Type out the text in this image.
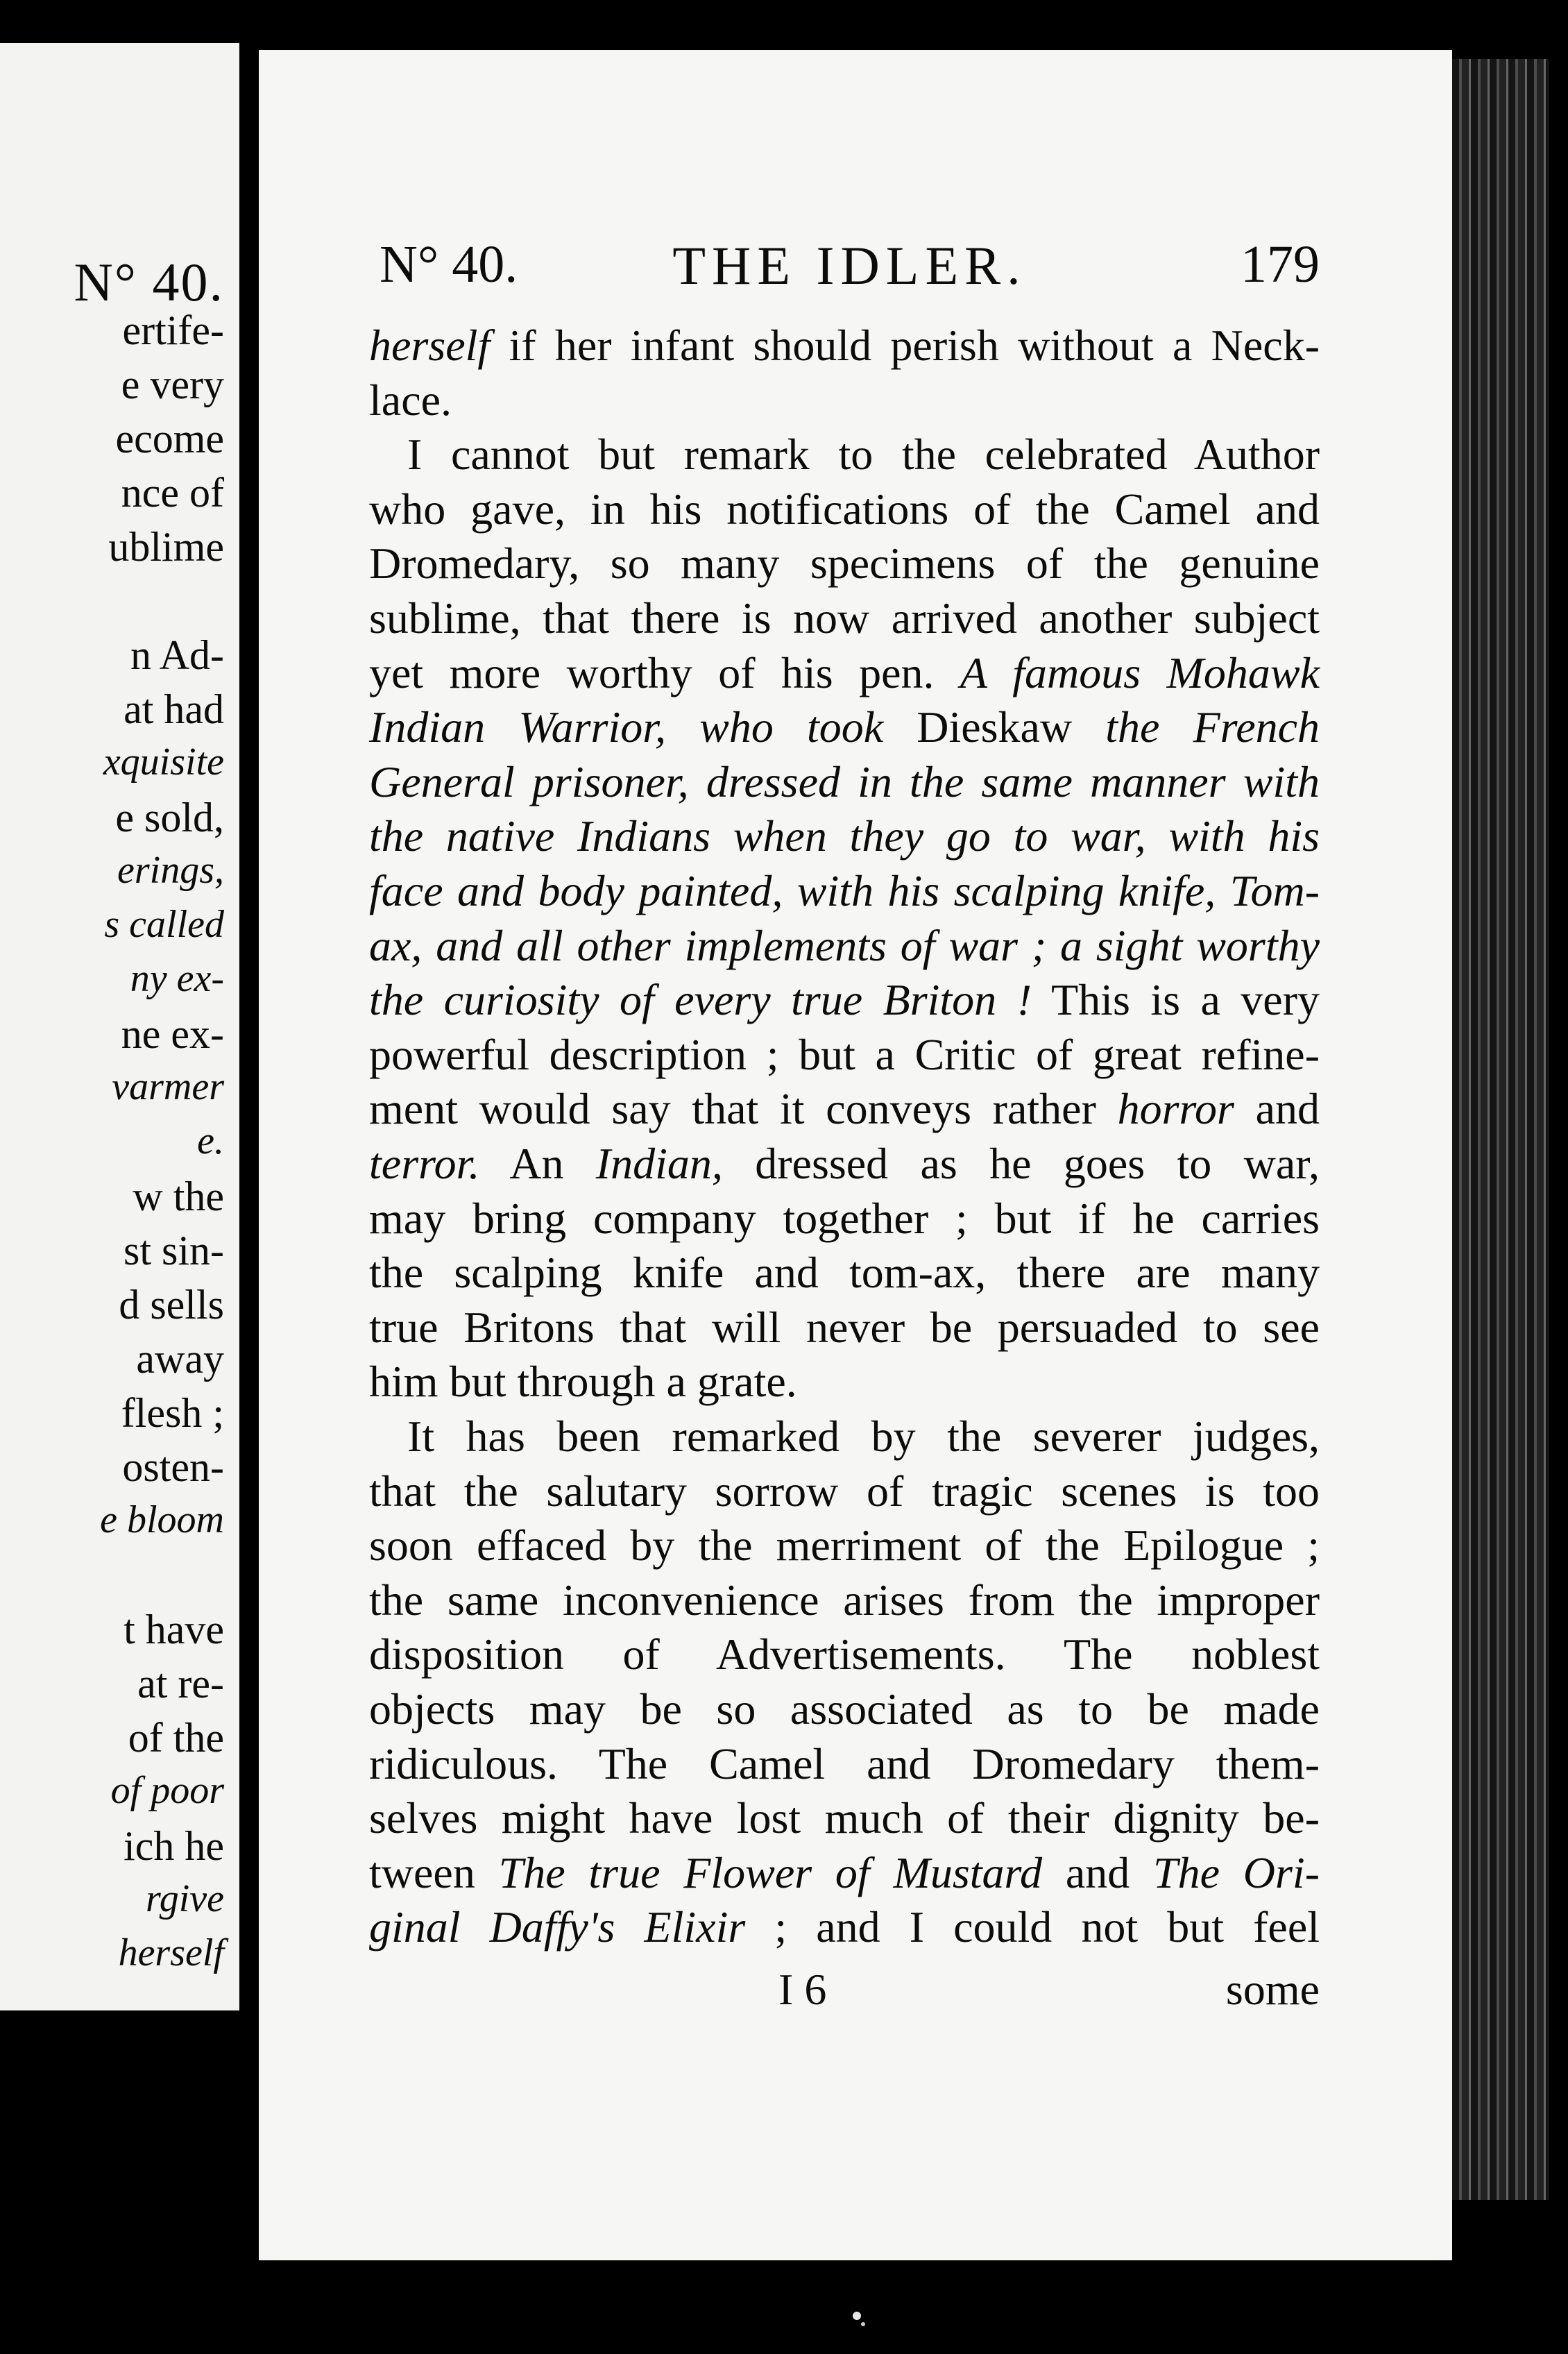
N° 40.
ertife-
e very
ecome
nce of
ublime
n Ad-
at had
xquisite
e sold,
erings,
s called
ny ex-
ne ex-
varmer
e.
w the
st sin-
d sells
away
flesh ;
osten-
e bloom
t have
at re-
of the
of poor
ich he
rgive
herself
N° 40.	THE IDLER.	179
herself if her infant should perish without a Neck-
lace.
I cannot but remark to the celebrated Author
who gave, in his notifications of the Camel and
Dromedary, so many specimens of the genuine
sublime, that there is now arrived another subject
yet more worthy of his pen. A famous Mohawk
Indian Warrior, who took Dieskaw the French
General prisoner, dressed in the same manner with
the native Indians when they go to war, with his
face and body painted, with his scalping knife, Tom-
ax, and all other implements of war ; a sight worthy
the curiosity of every true Briton ! This is a very
powerful description ; but a Critic of great refine-
ment would say that it conveys rather horror and
terror. An Indian, dressed as he goes to war,
may bring company together ; but if he carries
the scalping knife and tom-ax, there are many
true Britons that will never be persuaded to see
him but through a grate.
It has been remarked by the severer judges,
that the salutary sorrow of tragic scenes is too
soon effaced by the merriment of the Epilogue ;
the same inconvenience arises from the improper
disposition of Advertisements. The noblest
objects may be so associated as to be made
ridiculous. The Camel and Dromedary them-
selves might have lost much of their dignity be-
tween The true Flower of Mustard and The Ori-
ginal Daffy's Elixir ; and I could not but feel
I 6	some
